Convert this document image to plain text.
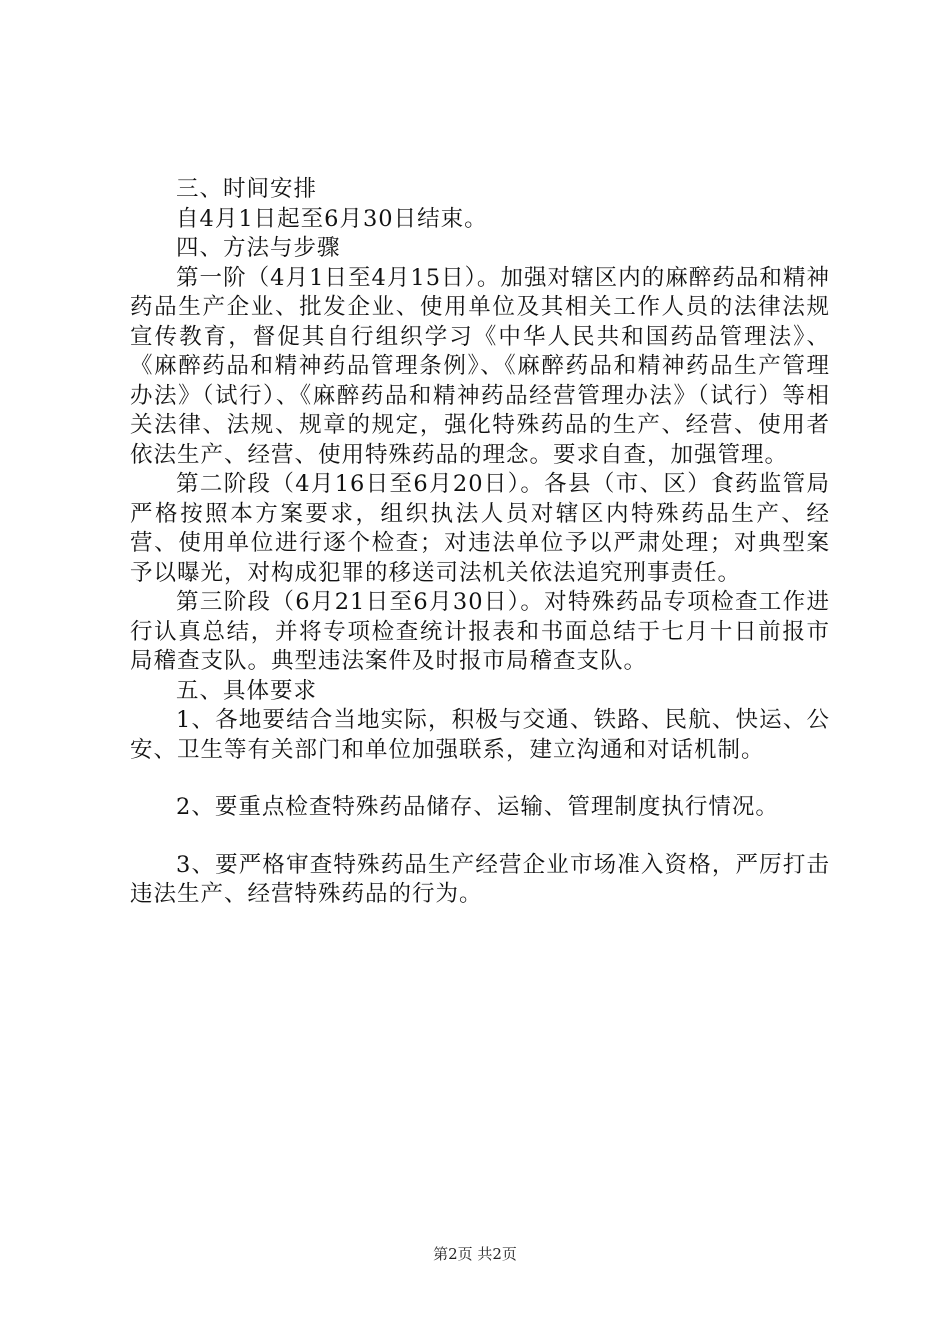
三、时间安排

自4月1日起至6月30日结束。

四、方法与步骤

第一阶（4月1日至4月15日）。加强对辖区内的麻醉药品和精神药品生产企业、批发企业、使用单位及其相关工作人员的法律法规宣传教育，督促其自行组织学习《中华人民共和国药品管理法》、《麻醉药品和精神药品管理条例》、《麻醉药品和精神药品生产管理办法》（试行）、《麻醉药品和精神药品经营管理办法》（试行）等相关法律、法规、规章的规定，强化特殊药品的生产、经营、使用者依法生产、经营、使用特殊药品的理念。要求自查，加强管理。

第二阶段（4月16日至6月20日）。各县（市、区）食药监管局严格按照本方案要求，组织执法人员对辖区内特殊药品生产、经营、使用单位进行逐个检查；对违法单位予以严肃处理；对典型案予以曝光，对构成犯罪的移送司法机关依法追究刑事责任。

第三阶段（6月21日至6月30日）。对特殊药品专项检查工作进行认真总结，并将专项检查统计报表和书面总结于七月十日前报市局稽查支队。典型违法案件及时报市局稽查支队。

五、具体要求

1、各地要结合当地实际，积极与交通、铁路、民航、快运、公安、卫生等有关部门和单位加强联系，建立沟通和对话机制。

2、要重点检查特殊药品储存、运输、管理制度执行情况。

3、要严格审查特殊药品生产经营企业市场准入资格，严厉打击违法生产、经营特殊药品的行为。

第2页 共2页
